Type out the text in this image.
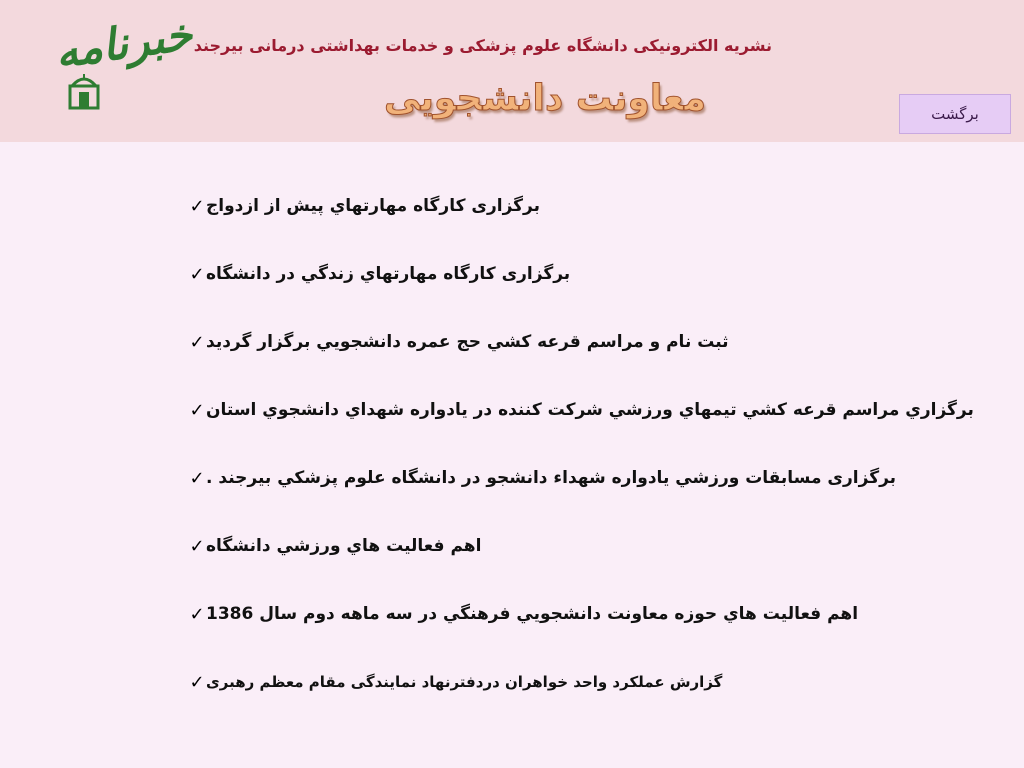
خبرنامه
نشریه الکترونیکی دانشگاه علوم پزشکی و خدمات بهداشتی درمانی بیرجند
معاونت دانشجویی	برگشت
✓ برگزاری کارگاه مهارتهاي پيش از ازدواج
✓ برگزاری کارگاه مهارتهاي زندگي در دانشگاه
✓ ثبت نام و مراسم قرعه كشي حج عمره دانشجويي برگزار گرديد
✓ برگزاري مراسم قرعه كشي تيمهاي ورزشي شركت كننده در يادواره شهداي دانشجوي استان
✓ برگزاری مسابقات ورزشي يادواره شهداء دانشجو در دانشگاه علوم پزشكي بيرجند .
✓ اهم فعاليت هاي ورزشي دانشگاه
✓ اهم فعاليت هاي حوزه معاونت دانشجويي فرهنگي در سه ماهه دوم سال 1386
✓ گزارش عملکرد واحد خواهران دردفترنهاد نمایندگی مقام معظم رهبری
